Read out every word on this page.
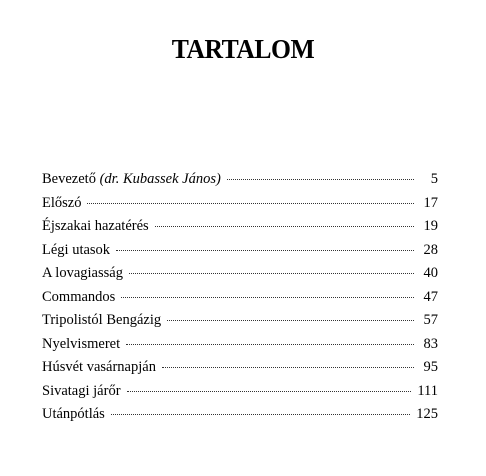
TARTALOM
Bevezető (dr. Kubassek János)	5
Előszó	17
Éjszakai hazatérés	19
Légi utasok	28
A lovagiasság	40
Commandos	47
Tripolistól Bengázig	57
Nyelvismeret	83
Húsvét vasárnapján	95
Sivatagi járőr	111
Utánpótlás	125
